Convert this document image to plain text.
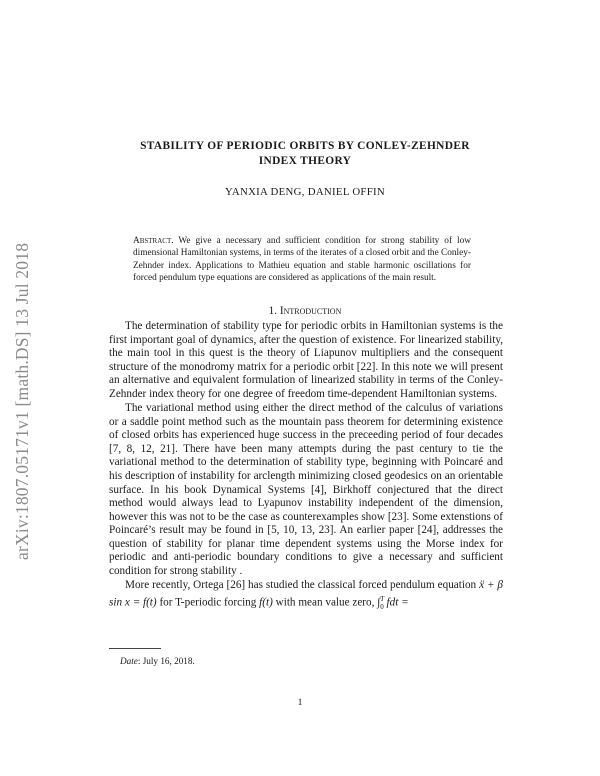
arXiv:1807.05171v1 [math.DS] 13 Jul 2018
STABILITY OF PERIODIC ORBITS BY CONLEY-ZEHNDER
INDEX THEORY
YANXIA DENG, DANIEL OFFIN
Abstract. We give a necessary and sufficient condition for strong stability of low dimensional Hamiltonian systems, in terms of the iterates of a closed orbit and the Conley-Zehnder index. Applications to Mathieu equation and stable harmonic oscillations for forced pendulum type equations are considered as applications of the main result.
1. Introduction

The determination of stability type for periodic orbits in Hamiltonian systems is the first important goal of dynamics, after the question of existence. For linearized stability, the main tool in this quest is the theory of Liapunov multipliers and the consequent structure of the monodromy matrix for a periodic orbit [22]. In this note we will present an alternative and equivalent formulation of linearized stability in terms of the Conley-Zehnder index theory for one degree of freedom time-dependent Hamiltonian systems.

The variational method using either the direct method of the calculus of variations or a saddle point method such as the mountain pass theorem for determining existence of closed orbits has experienced huge success in the preceeding period of four decades [7, 8, 12, 21]. There have been many attempts during the past century to tie the variational method to the determination of stability type, beginning with Poincaré and his description of instability for arclength minimizing closed geodesics on an orientable surface. In his book Dynamical Systems [4], Birkhoff conjectured that the direct method would always lead to Lyapunov instability independent of the dimension, however this was not to be the case as counterexamples show [23]. Some extenstions of Poincaré’s result may be found in [5, 10, 13, 23]. An earlier paper [24], addresses the question of stability for planar time dependent systems using the Morse index for periodic and anti-periodic boundary conditions to give a necessary and sufficient condition for strong stability .

More recently, Ortega [26] has studied the classical forced pendulum equation ẍ + β sin x = f(t) for T-periodic forcing f(t) with mean value zero, ∫$^T_0$ fdt =

Date: July 16, 2018.
1
